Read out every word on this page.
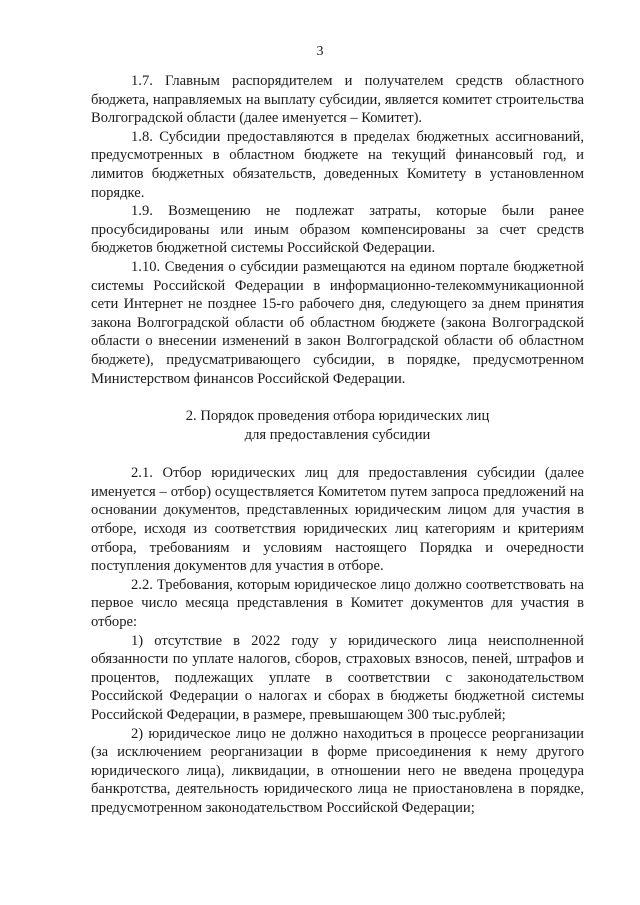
3

1.7. Главным распорядителем и получателем средств областного бюджета, направляемых на выплату субсидии, является комитет строительства Волгоградской области (далее именуется – Комитет).

1.8. Субсидии предоставляются в пределах бюджетных ассигнований, предусмотренных в областном бюджете на текущий финансовый год, и лимитов бюджетных обязательств, доведенных Комитету в установленном порядке.

1.9. Возмещению не подлежат затраты, которые были ранее просубсидированы или иным образом компенсированы за счет средств бюджетов бюджетной системы Российской Федерации.

1.10. Сведения о субсидии размещаются на едином портале бюджетной системы Российской Федерации в информационно-телекоммуникационной сети Интернет не позднее 15-го рабочего дня, следующего за днем принятия закона Волгоградской области об областном бюджете (закона Волгоградской области о внесении изменений в закон Волгоградской области об областном бюджете), предусматривающего субсидии, в порядке, предусмотренном Министерством финансов Российской Федерации.

2. Порядок проведения отбора юридических лиц
для предоставления субсидии

2.1. Отбор юридических лиц для предоставления субсидии (далее именуется – отбор) осуществляется Комитетом путем запроса предложений на основании документов, представленных юридическим лицом для участия в отборе, исходя из соответствия юридических лиц категориям и критериям отбора, требованиям и условиям настоящего Порядка и очередности поступления документов для участия в отборе.

2.2. Требования, которым юридическое лицо должно соответствовать на первое число месяца представления в Комитет документов для участия в отборе:

1) отсутствие в 2022 году у юридического лица неисполненной обязанности по уплате налогов, сборов, страховых взносов, пеней, штрафов и процентов, подлежащих уплате в соответствии с законодательством Российской Федерации о налогах и сборах в бюджеты бюджетной системы Российской Федерации, в размере, превышающем 300 тыс.рублей;

2) юридическое лицо не должно находиться в процессе реорганизации (за исключением реорганизации в форме присоединения к нему другого юридического лица), ликвидации, в отношении него не введена процедура банкротства, деятельность юридического лица не приостановлена в порядке, предусмотренном законодательством Российской Федерации;
